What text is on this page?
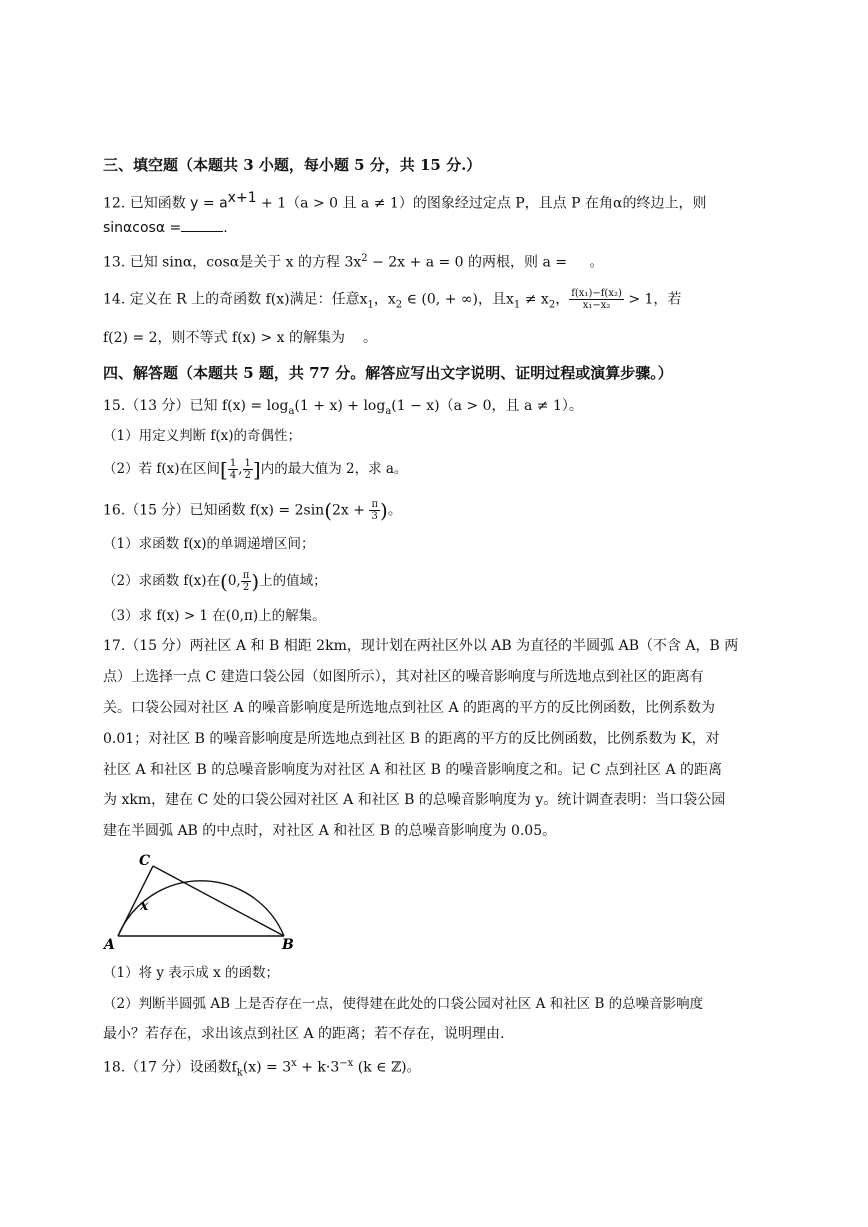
三、填空题（本题共 3 小题，每小题 5 分，共 15 分.）
12. 已知函数 $y = a^{x+1} + 1(a > 0$ 且 a ≠ 1）的图象经过定点 P，且点 P 在角α的终边上，则
sinαcosα =	.
13. 已知 sinα，cosα是关于 x 的方程 $3x^2 - 2x + a = 0$ 的两根，则 a = 。
14. 定义在 R 上的奇函数 f(x)满足：任意$x_1$，$x_2$ ∈ (0, + ∞)，且$x_1 \ne x_2$， $\frac{\text{f(x₁)−f(x₂)}}{\text{x₁−x₂}} > 1$，若
f(2) = 2，则不等式 f(x) > x 的解集为 。
四、解答题（本题共 5 题，共 77 分。解答应写出文字说明、证明过程或演算步骤。）
15.（13 分）已知 $f(x) = \log_a(1 + x) + \log_a(1 - x)(a > 0$，且 a ≠ 1）。
（1）用定义判断 f(x)的奇偶性；
（2）若 f(x)在区间[ $\frac{1}{4}$ , $\frac{1}{2}$ ]内的最大值为 2，求 a。
16.（15 分）已知函数 $f(x) = 2\sin(2x + \frac{\pi}{3}$ )。
（1）求函数 f(x)的单调递增区间；
（2）求函数 f(x)在(0, $\frac{\pi}{2}$ )上的值域；
（3）求 f(x) > 1 在(0,π)上的解集。
17.（15 分）两社区 A 和 B 相距 2km，现计划在两社区外以 AB 为直径的半圆弧 AB（不含 A，B 两
点）上选择一点 C 建造口袋公园（如图所示），其对社区的噪音影响度与所选地点到社区的距离有
关。口袋公园对社区 A 的噪音影响度是所选地点到社区 A 的距离的平方的反比例函数，比例系数为
0.01；对社区 B 的噪音影响度是所选地点到社区 B 的距离的平方的反比例函数，比例系数为 K，对
社区 A 和社区 B 的总噪音影响度为对社区 A 和社区 B 的噪音影响度之和。记 C 点到社区 A 的距离
为 xkm，建在 C 处的口袋公园对社区 A 和社区 B 的总噪音影响度为 y。统计调查表明：当口袋公园
建在半圆弧 AB 的中点时，对社区 A 和社区 B 的总噪音影响度为 0.05。
C
x
A	B
（1）将 y 表示成 x 的函数；
（2）判断半圆弧 AB 上是否存在一点，使得建在此处的口袋公园对社区 A 和社区 B 的总噪音影响度
最小？若存在，求出该点到社区 A 的距离；若不存在，说明理由.
18.（17 分）设函数$f_k(x) = 3^x + k\cdot 3^{-x}$ (k ∈ ℤ)。
